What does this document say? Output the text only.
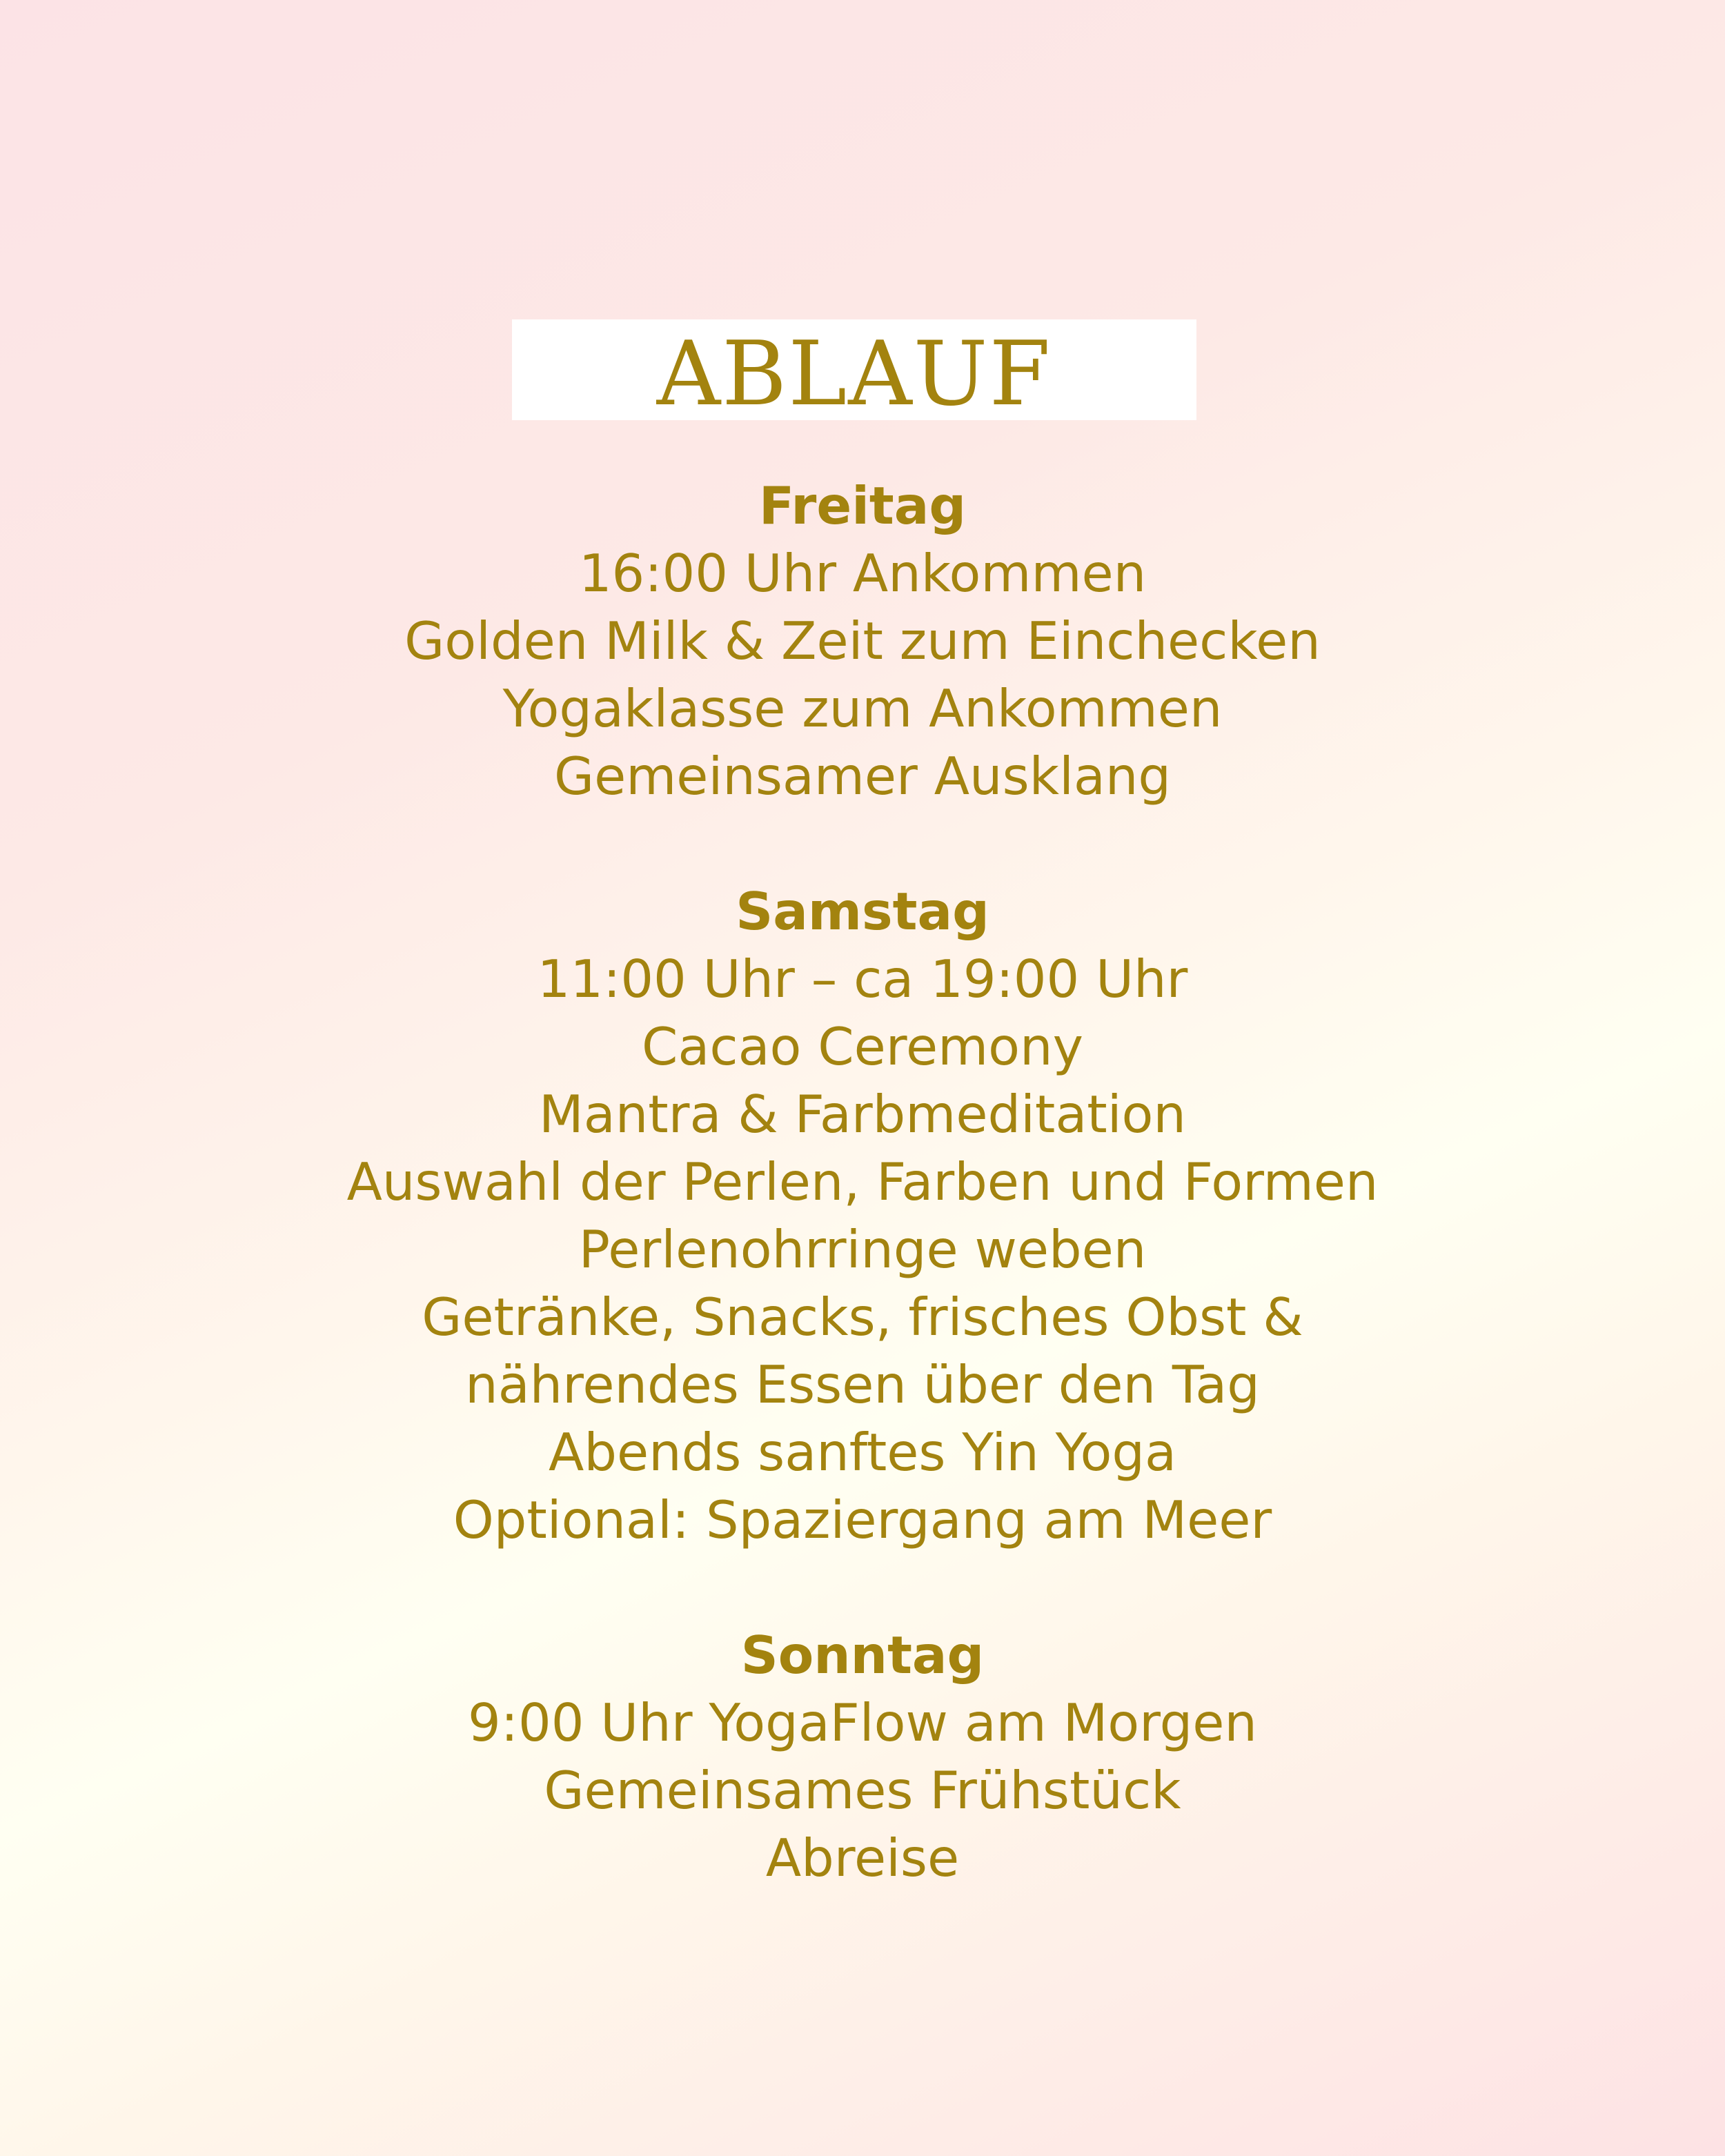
ABLAUF
Freitag
16:00 Uhr Ankommen
Golden Milk & Zeit zum Einchecken
Yogaklasse zum Ankommen
Gemeinsamer Ausklang
Samstag
11:00 Uhr – ca 19:00 Uhr
Cacao Ceremony
Mantra & Farbmeditation
Auswahl der Perlen, Farben und Formen
Perlenohrringe weben
Getränke, Snacks, frisches Obst &
nährendes Essen über den Tag
Abends sanftes Yin Yoga
Optional: Spaziergang am Meer
Sonntag
9:00 Uhr YogaFlow am Morgen
Gemeinsames Frühstück
Abreise
